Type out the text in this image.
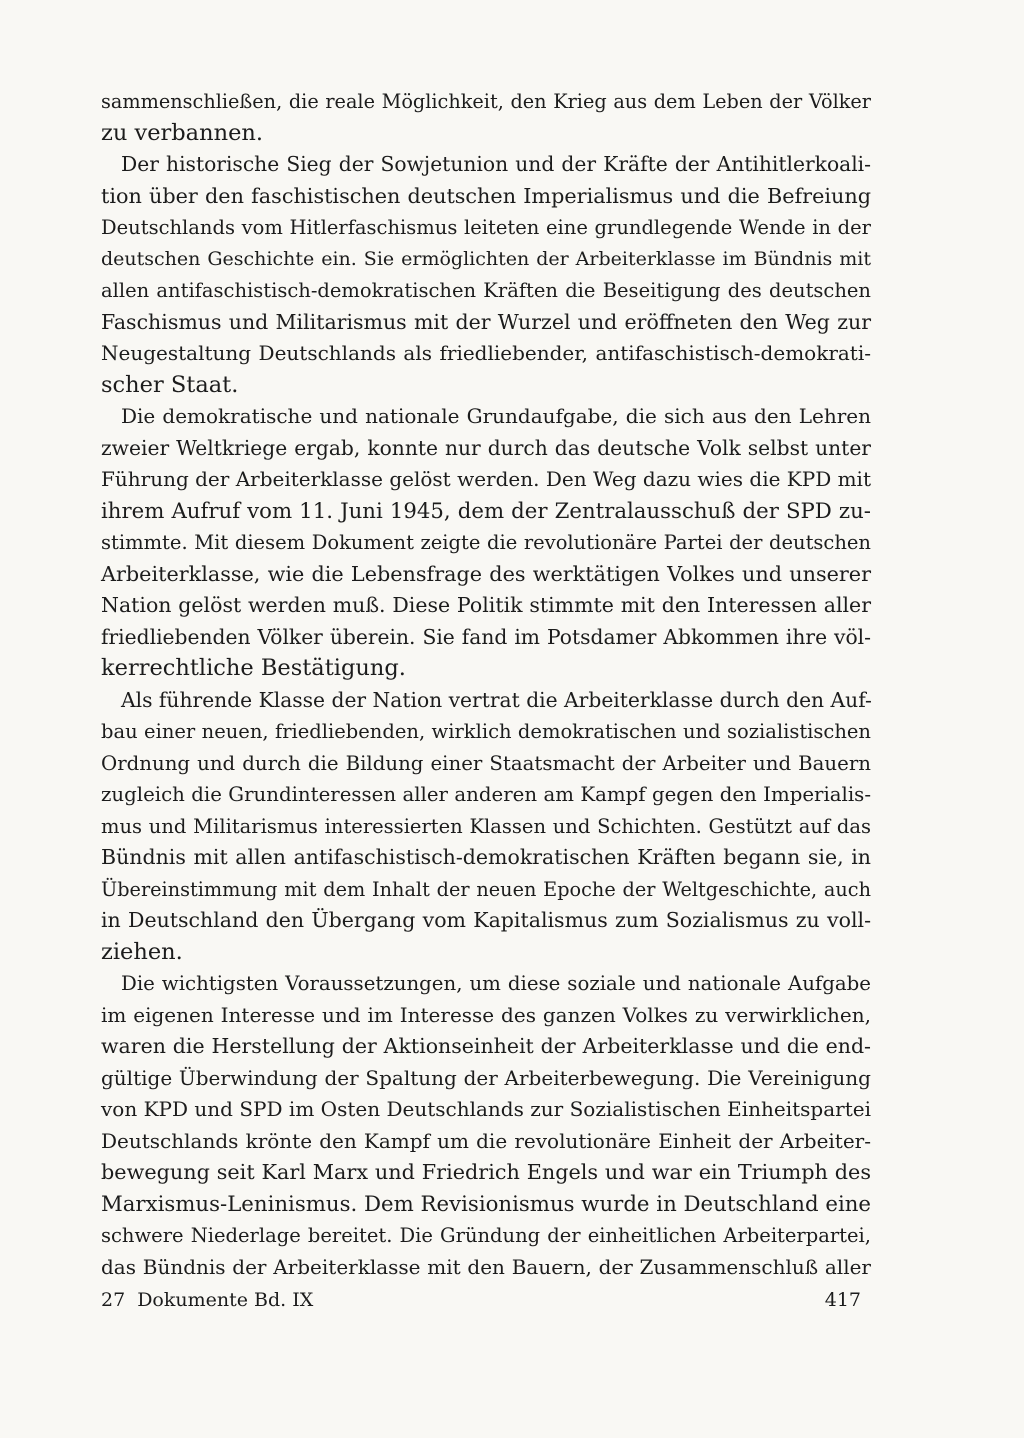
sammenschließen, die reale Möglichkeit, den Krieg aus dem Leben der Völker
zu verbannen.

Der historische Sieg der Sowjetunion und der Kräfte der Antihitlerkoali-
tion über den faschistischen deutschen Imperialismus und die Befreiung
Deutschlands vom Hitlerfaschismus leiteten eine grundlegende Wende in der
deutschen Geschichte ein. Sie ermöglichten der Arbeiterklasse im Bündnis mit
allen antifaschistisch-demokratischen Kräften die Beseitigung des deutschen
Faschismus und Militarismus mit der Wurzel und eröffneten den Weg zur
Neugestaltung Deutschlands als friedliebender, antifaschistisch-demokrati-
scher Staat.

Die demokratische und nationale Grundaufgabe, die sich aus den Lehren
zweier Weltkriege ergab, konnte nur durch das deutsche Volk selbst unter
Führung der Arbeiterklasse gelöst werden. Den Weg dazu wies die KPD mit
ihrem Aufruf vom 11. Juni 1945, dem der Zentralausschuß der SPD zu-
stimmte. Mit diesem Dokument zeigte die revolutionäre Partei der deutschen
Arbeiterklasse, wie die Lebensfrage des werktätigen Volkes und unserer
Nation gelöst werden muß. Diese Politik stimmte mit den Interessen aller
friedliebenden Völker überein. Sie fand im Potsdamer Abkommen ihre völ-
kerrechtliche Bestätigung.

Als führende Klasse der Nation vertrat die Arbeiterklasse durch den Auf-
bau einer neuen, friedliebenden, wirklich demokratischen und sozialistischen
Ordnung und durch die Bildung einer Staatsmacht der Arbeiter und Bauern
zugleich die Grundinteressen aller anderen am Kampf gegen den Imperialis-
mus und Militarismus interessierten Klassen und Schichten. Gestützt auf das
Bündnis mit allen antifaschistisch-demokratischen Kräften begann sie, in
Übereinstimmung mit dem Inhalt der neuen Epoche der Weltgeschichte, auch
in Deutschland den Übergang vom Kapitalismus zum Sozialismus zu voll-
ziehen.

Die wichtigsten Voraussetzungen, um diese soziale und nationale Aufgabe
im eigenen Interesse und im Interesse des ganzen Volkes zu verwirklichen,
waren die Herstellung der Aktionseinheit der Arbeiterklasse und die end-
gültige Überwindung der Spaltung der Arbeiterbewegung. Die Vereinigung
von KPD und SPD im Osten Deutschlands zur Sozialistischen Einheitspartei
Deutschlands krönte den Kampf um die revolutionäre Einheit der Arbeiter-
bewegung seit Karl Marx und Friedrich Engels und war ein Triumph des
Marxismus-Leninismus. Dem Revisionismus wurde in Deutschland eine
schwere Niederlage bereitet. Die Gründung der einheitlichen Arbeiterpartei,
das Bündnis der Arbeiterklasse mit den Bauern, der Zusammenschluß aller

27 Dokumente Bd. IX	417
